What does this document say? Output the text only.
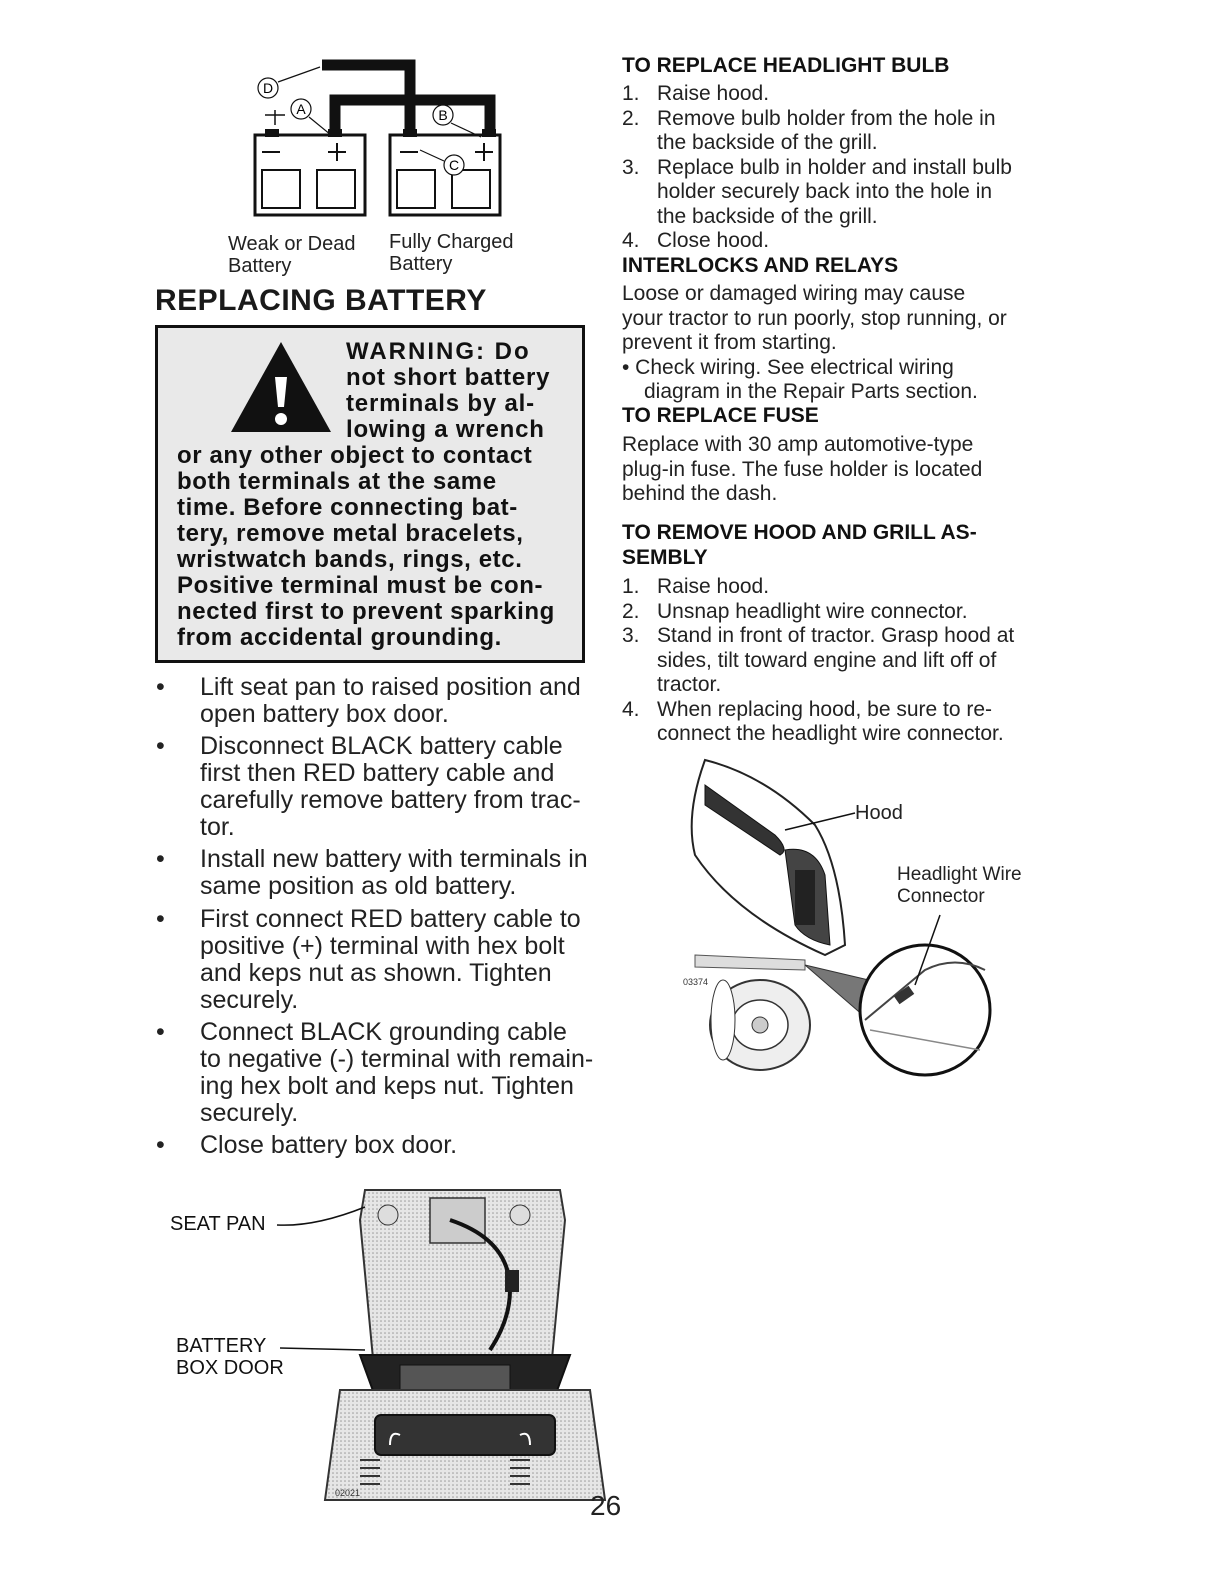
D
A	B
C
Weak or Dead
Battery
Fully Charged
Battery
REPLACING BATTERY
WARNING: Do
not short battery
terminals by al-
lowing a wrench
or any other object to contact
both terminals at the same
time. Before connecting bat-
tery, remove metal bracelets,
wristwatch bands, rings, etc.
Positive terminal must be con-
nected first to prevent sparking
from accidental grounding.
• Lift seat pan to raised position and
open battery box door.
• Disconnect BLACK battery cable
first then RED battery cable and
carefully remove battery from trac-
tor.
• Install new battery with terminals in
same position as old battery.
• First connect RED battery cable to
positive (+) terminal with hex bolt
and keps nut as shown. Tighten
securely.
• Connect BLACK grounding cable
to negative (-) terminal with remain-
ing hex bolt and keps nut. Tighten
securely.
• Close battery box door.
02021
SEAT PAN
BATTERY
BOX DOOR
26
TO REPLACE HEADLIGHT BULB
1. Raise hood.
2. Remove bulb holder from the hole in
the backside of the grill.
3. Replace bulb in holder and install bulb
holder securely back into the hole in
the backside of the grill.
4. Close hood.
INTERLOCKS AND RELAYS
Loose or damaged wiring may cause
your tractor to run poorly, stop running, or
prevent it from starting.
• Check wiring. See electrical wiring
diagram in the Repair Parts section.
TO REPLACE FUSE
Replace with 30 amp automotive-type
plug-in fuse. The fuse holder is located
behind the dash.
TO REMOVE HOOD AND GRILL AS-
SEMBLY
1. Raise hood.
2. Unsnap headlight wire connector.
3. Stand in front of tractor. Grasp hood at
sides, tilt toward engine and lift off of
tractor.
4. When replacing hood, be sure to re-
connect the headlight wire connector.
03374
Hood
Headlight Wire
Connector
